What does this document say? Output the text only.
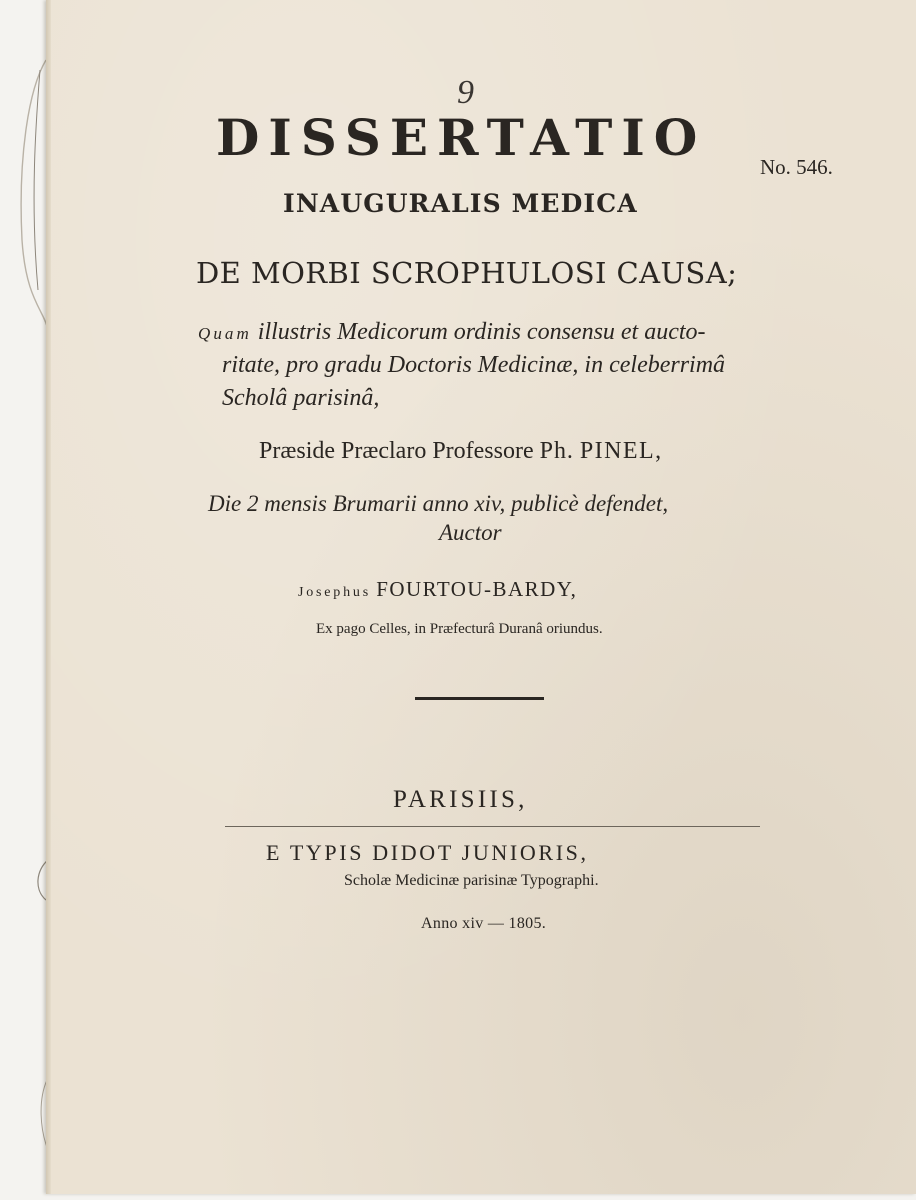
9
No. 546.
DISSERTATIO
INAUGURALIS MEDICA
DE MORBI SCROPHULOSI CAUSA;
Quam illustris Medicorum ordinis consensu et aucto-
ritate, pro gradu Doctoris Medicinæ, in celeberrimâ
Scholâ parisinâ,
Præside Præclaro Professore Ph. PINEL,
Die 2 mensis Brumarii anno xiv, publicè defendet,
Auctor
Josephus FOURTOU-BARDY,
Ex pago Celles, in Præfecturâ Duranâ oriundus.
PARISIIS,
E TYPIS DIDOT JUNIORIS,
Scholæ Medicinæ parisinæ Typographi.
Anno xiv — 1805.
